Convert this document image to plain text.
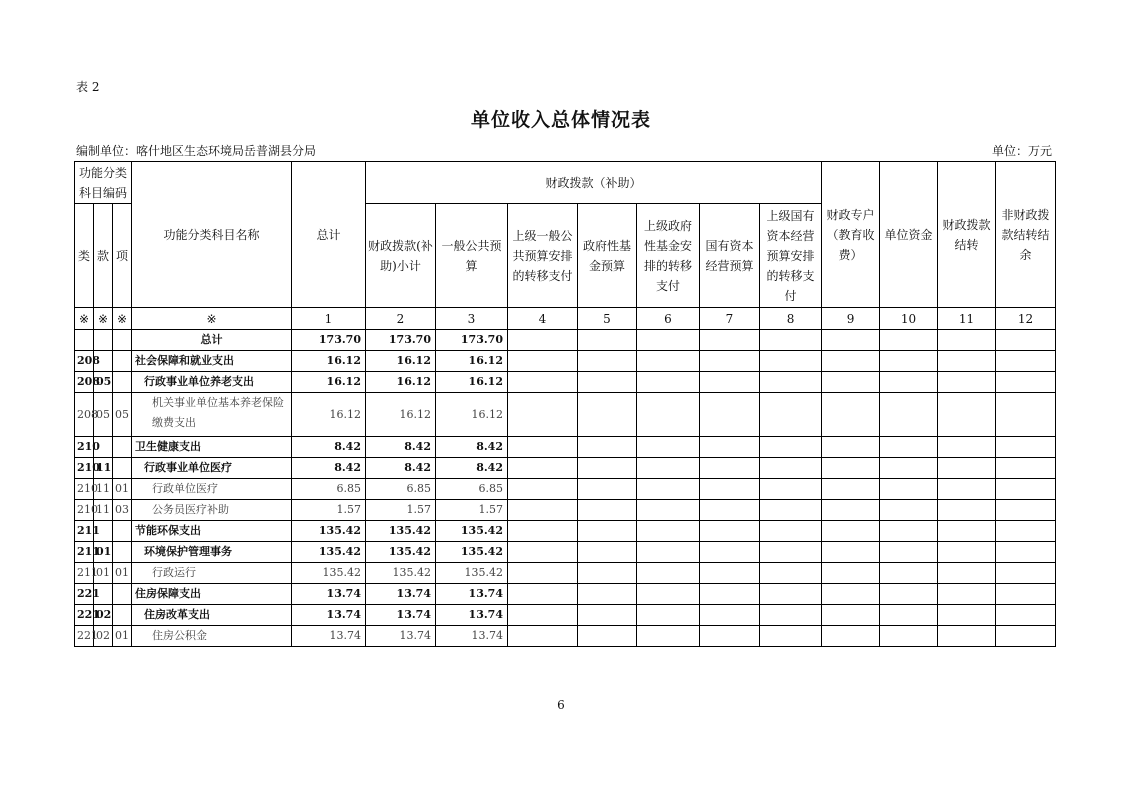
表 2
单位收入总体情况表
编制单位：喀什地区生态环境局岳普湖县分局	单位：万元
功能分类科目编码			功能分类科目名称	总计	财政拨款（补助）							财政专户（教育收费）	单位资金	财政拨款结转	非财政拨款结转结余
类	款	项			财政拨款(补助)小计	一般公共预算	上级一般公共预算安排的转移支付	政府性基金预算	上级政府性基金安排的转移支付	国有资本经营预算	上级国有资本经营预算安排的转移支付				
※	※	※	※	1	2	3	4	5	6	7	8	9	10	11	12
			总计	173.70	173.70	173.70									
208			社会保障和就业支出	16.12	16.12	16.12									
208	05		行政事业单位养老支出	16.12	16.12	16.12									
208	05	05	机关事业单位基本养老保险缴费支出	16.12	16.12	16.12									
210			卫生健康支出	8.42	8.42	8.42									
210	11		行政事业单位医疗	8.42	8.42	8.42									
210	11	01	行政单位医疗	6.85	6.85	6.85									
210	11	03	公务员医疗补助	1.57	1.57	1.57									
211			节能环保支出	135.42	135.42	135.42									
211	01		环境保护管理事务	135.42	135.42	135.42									
211	01	01	行政运行	135.42	135.42	135.42									
221			住房保障支出	13.74	13.74	13.74									
221	02		住房改革支出	13.74	13.74	13.74									
221	02	01	住房公积金	13.74	13.74	13.74									
6
